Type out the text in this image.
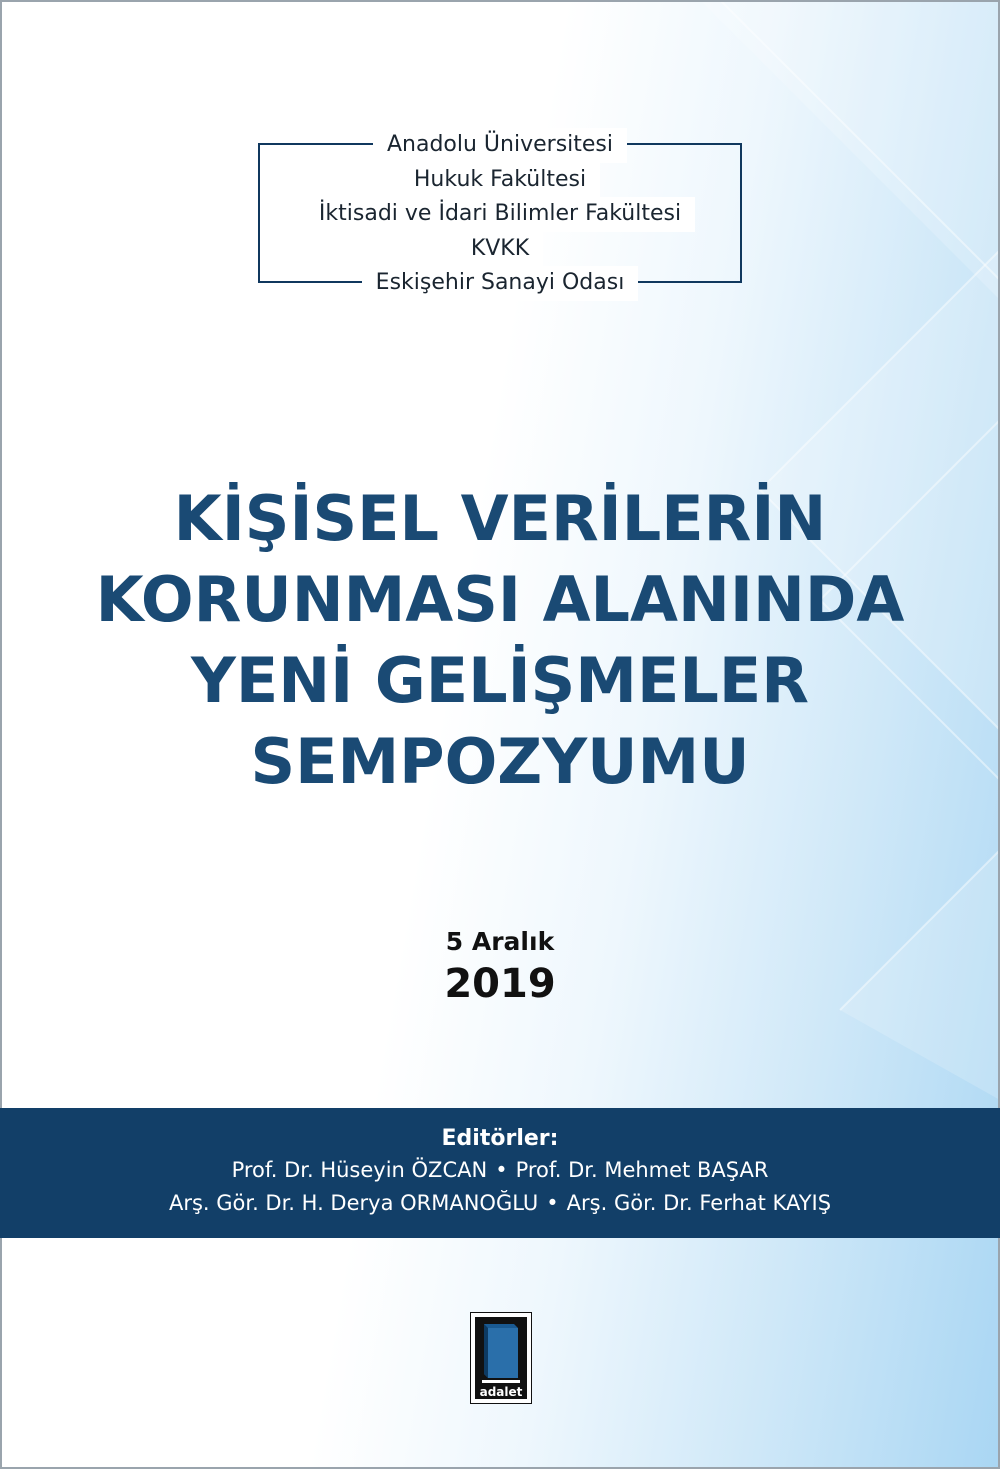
Anadolu Üniversitesi
Hukuk Fakültesi
İktisadi ve İdari Bilimler Fakültesi
KVKK
Eskişehir Sanayi Odası
KİŞİSEL VERİLERİN
KORUNMASI ALANINDA
YENİ GELİŞMELER
SEMPOZYUMU
5 Aralık
2019
Editörler:
Prof. Dr. Hüseyin ÖZCAN • Prof. Dr. Mehmet BAŞAR
Arş. Gör. Dr. H. Derya ORMANOĞLU • Arş. Gör. Dr. Ferhat KAYIŞ
adalet
